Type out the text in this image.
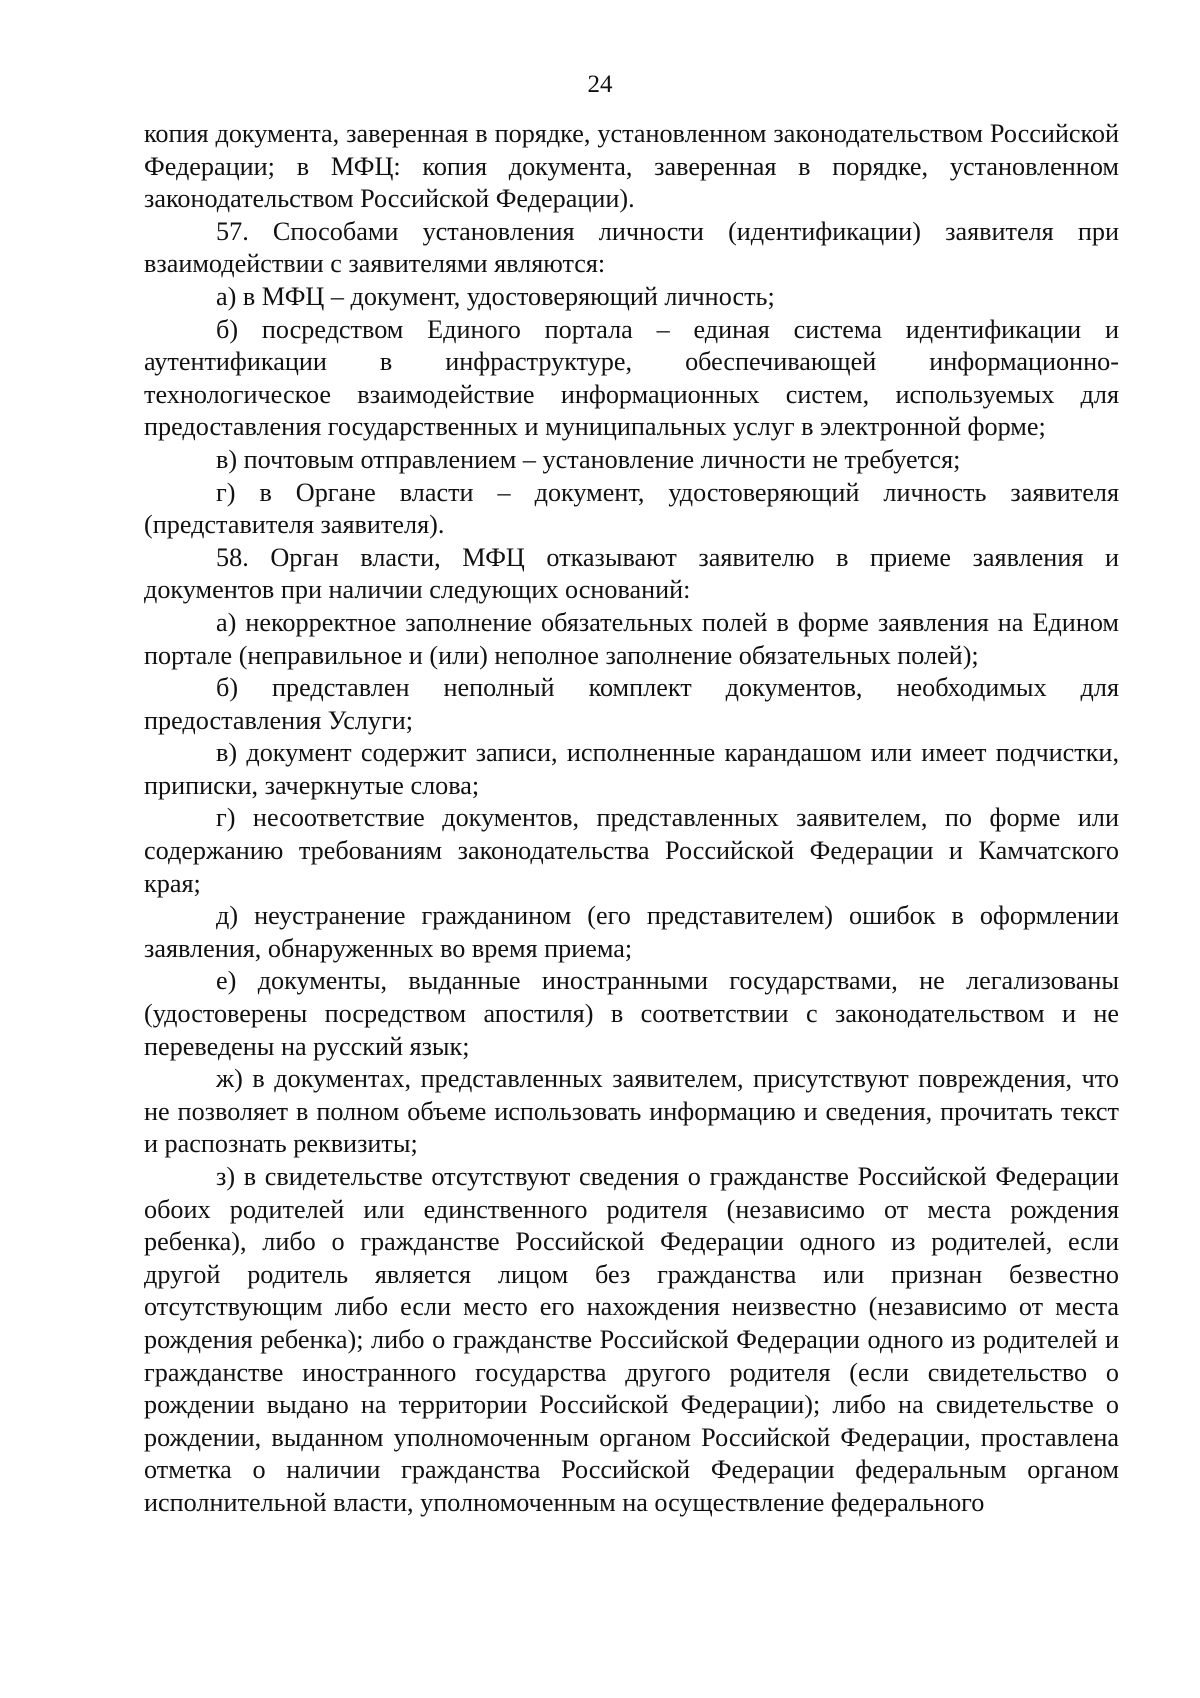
24

копия документа, заверенная в порядке, установленном законодательством Российской Федерации; в МФЦ: копия документа, заверенная в порядке, установленном законодательством Российской Федерации).

57. Способами установления личности (идентификации) заявителя при взаимодействии с заявителями являются:

а) в МФЦ – документ, удостоверяющий личность;

б) посредством Единого портала – единая система идентификации и аутентификации в инфраструктуре, обеспечивающей информационно-технологическое взаимодействие информационных систем, используемых для предоставления государственных и муниципальных услуг в электронной форме;

в) почтовым отправлением – установление личности не требуется;

г) в Органе власти – документ, удостоверяющий личность заявителя (представителя заявителя).

58. Орган власти, МФЦ отказывают заявителю в приеме заявления и документов при наличии следующих оснований:

а) некорректное заполнение обязательных полей в форме заявления на Едином портале (неправильное и (или) неполное заполнение обязательных полей);

б) представлен неполный комплект документов, необходимых для предоставления Услуги;

в) документ содержит записи, исполненные карандашом или имеет подчистки, приписки, зачеркнутые слова;

г) несоответствие документов, представленных заявителем, по форме или содержанию требованиям законодательства Российской Федерации и Камчатского края;

д) неустранение гражданином (его представителем) ошибок в оформлении заявления, обнаруженных во время приема;

е) документы, выданные иностранными государствами, не легализованы (удостоверены посредством апостиля) в соответствии с законодательством и не переведены на русский язык;

ж) в документах, представленных заявителем, присутствуют повреждения, что не позволяет в полном объеме использовать информацию и сведения, прочитать текст и распознать реквизиты;

з) в свидетельстве отсутствуют сведения о гражданстве Российской Федерации обоих родителей или единственного родителя (независимо от места рождения ребенка), либо о гражданстве Российской Федерации одного из родителей, если другой родитель является лицом без гражданства или признан безвестно отсутствующим либо если место его нахождения неизвестно (независимо от места рождения ребенка); либо о гражданстве Российской Федерации одного из родителей и гражданстве иностранного государства другого родителя (если свидетельство о рождении выдано на территории Российской Федерации); либо на свидетельстве о рождении, выданном уполномоченным органом Российской Федерации, проставлена отметка о наличии гражданства Российской Федерации федеральным органом исполнительной власти, уполномоченным на осуществление федерального
